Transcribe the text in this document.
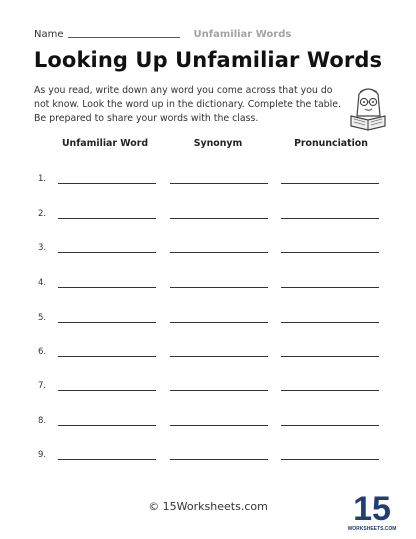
Name	Unfamiliar Words
Looking Up Unfamiliar Words
As you read, write down any word you come across that you do not know. Look the word up in the dictionary. Complete the table. Be prepared to share your words with the class.
Unfamiliar Word	Synonym	Pronunciation
1.
2.
3.
4.
5.
6.
7.
8.
9.
© 15Worksheets.com	15
WORKSHEETS.COM
